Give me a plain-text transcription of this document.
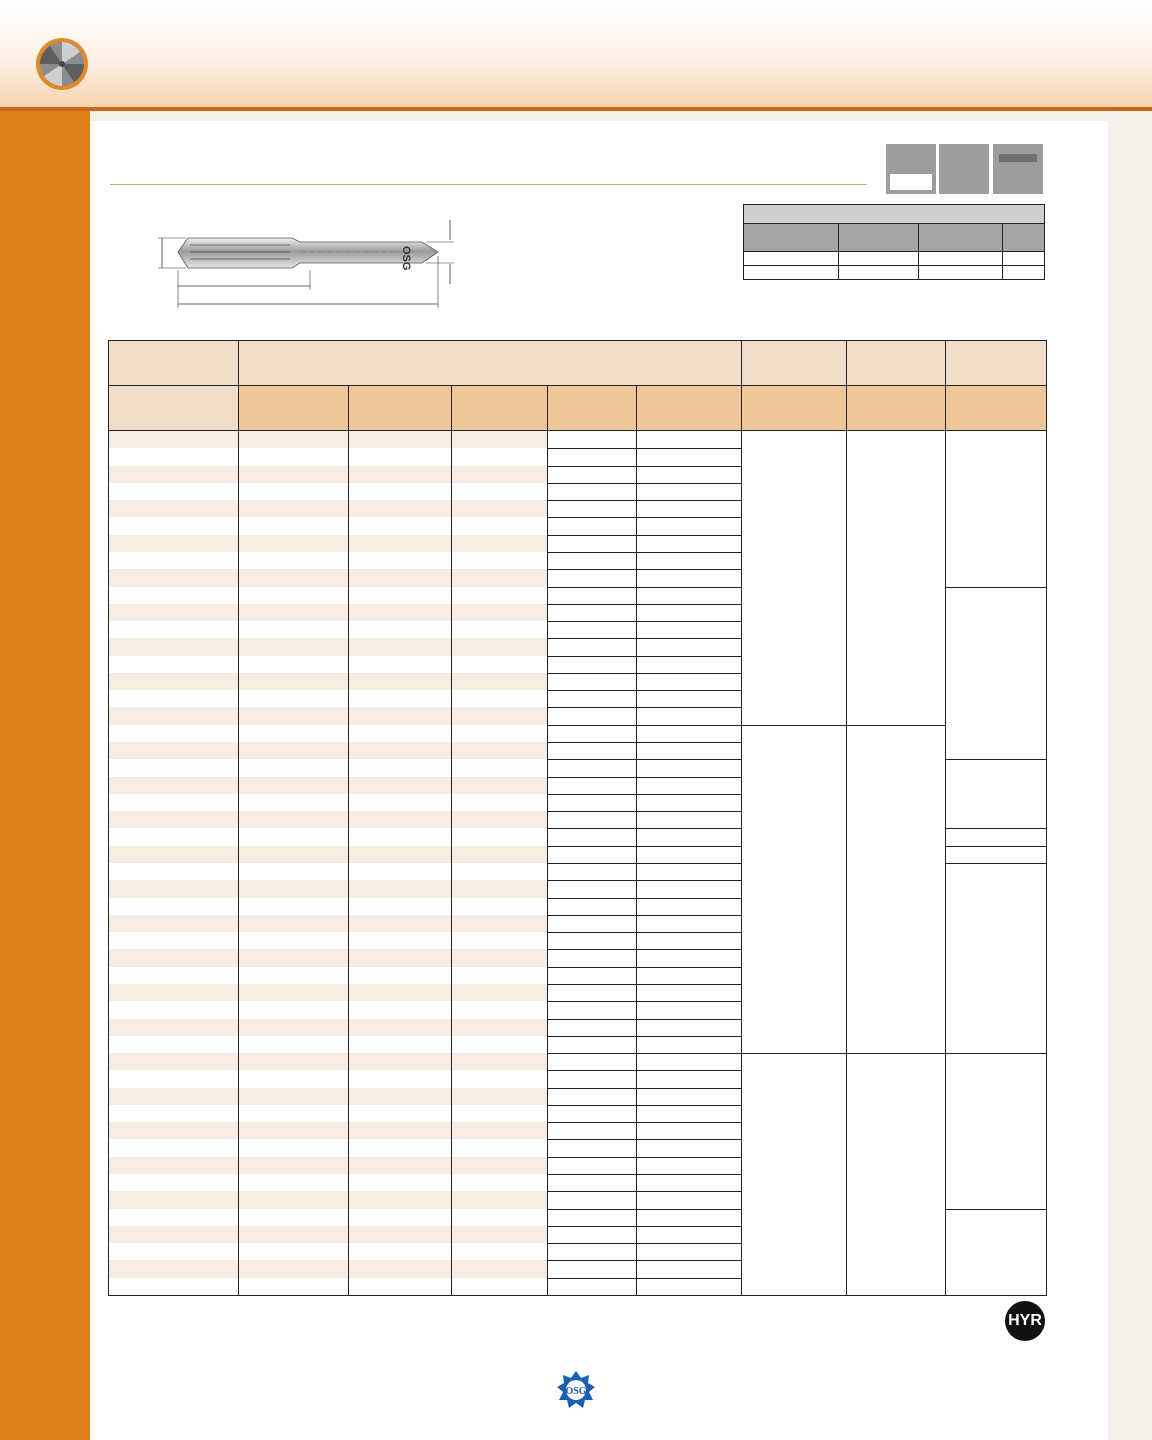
OSG
HYR
OSG
